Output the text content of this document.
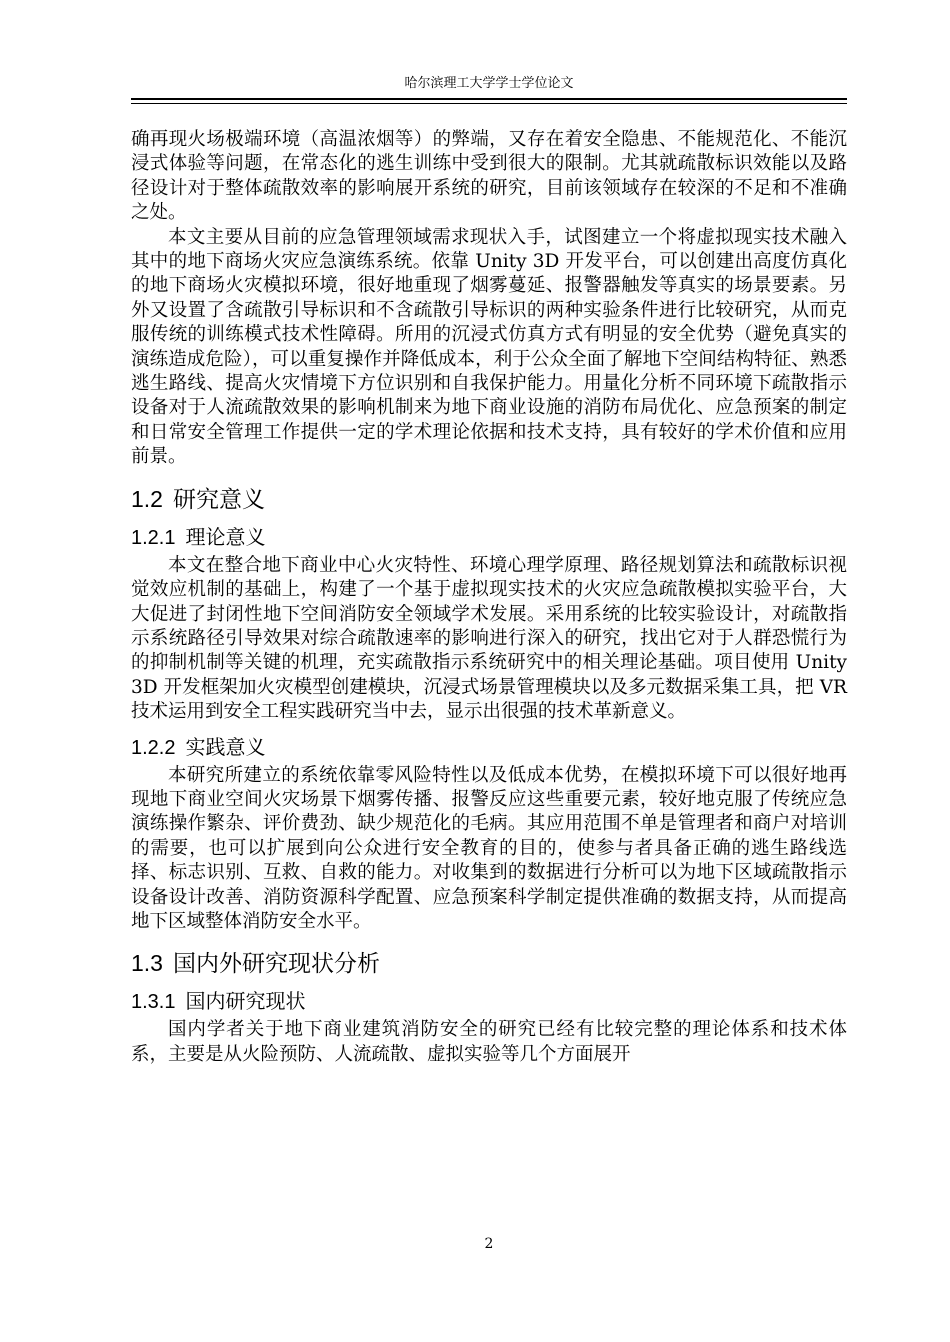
哈尔滨理工大学学士学位论文

确再现火场极端环境（高温浓烟等）的弊端，又存在着安全隐患、不能规范化、不能沉浸式体验等问题，在常态化的逃生训练中受到很大的限制。尤其就疏散标识效能以及路径设计对于整体疏散效率的影响展开系统的研究，目前该领域存在较深的不足和不准确之处。

本文主要从目前的应急管理领域需求现状入手，试图建立一个将虚拟现实技术融入其中的地下商场火灾应急演练系统。依靠 Unity 3D 开发平台，可以创建出高度仿真化的地下商场火灾模拟环境，很好地重现了烟雾蔓延、报警器触发等真实的场景要素。另外又设置了含疏散引导标识和不含疏散引导标识的两种实验条件进行比较研究，从而克服传统的训练模式技术性障碍。所用的沉浸式仿真方式有明显的安全优势（避免真实的演练造成危险），可以重复操作并降低成本，利于公众全面了解地下空间结构特征、熟悉逃生路线、提高火灾情境下方位识别和自我保护能力。用量化分析不同环境下疏散指示设备对于人流疏散效果的影响机制来为地下商业设施的消防布局优化、应急预案的制定和日常安全管理工作提供一定的学术理论依据和技术支持，具有较好的学术价值和应用前景。

1.2 研究意义
1.2.1 理论意义

本文在整合地下商业中心火灾特性、环境心理学原理、路径规划算法和疏散标识视觉效应机制的基础上，构建了一个基于虚拟现实技术的火灾应急疏散模拟实验平台，大大促进了封闭性地下空间消防安全领域学术发展。采用系统的比较实验设计，对疏散指示系统路径引导效果对综合疏散速率的影响进行深入的研究，找出它对于人群恐慌行为的抑制机制等关键的机理，充实疏散指示系统研究中的相关理论基础。项目使用 Unity 3D 开发框架加火灾模型创建模块，沉浸式场景管理模块以及多元数据采集工具，把 VR 技术运用到安全工程实践研究当中去，显示出很强的技术革新意义。

1.2.2 实践意义

本研究所建立的系统依靠零风险特性以及低成本优势，在模拟环境下可以很好地再现地下商业空间火灾场景下烟雾传播、报警反应这些重要元素，较好地克服了传统应急演练操作繁杂、评价费劲、缺少规范化的毛病。其应用范围不单是管理者和商户对培训的需要，也可以扩展到向公众进行安全教育的目的，使参与者具备正确的逃生路线选择、标志识别、互救、自救的能力。对收集到的数据进行分析可以为地下区域疏散指示设备设计改善、消防资源科学配置、应急预案科学制定提供准确的数据支持，从而提高地下区域整体消防安全水平。

1.3 国内外研究现状分析
1.3.1 国内研究现状

国内学者关于地下商业建筑消防安全的研究已经有比较完整的理论体系和技术体系，主要是从火险预防、人流疏散、虚拟实验等几个方面展开

2
